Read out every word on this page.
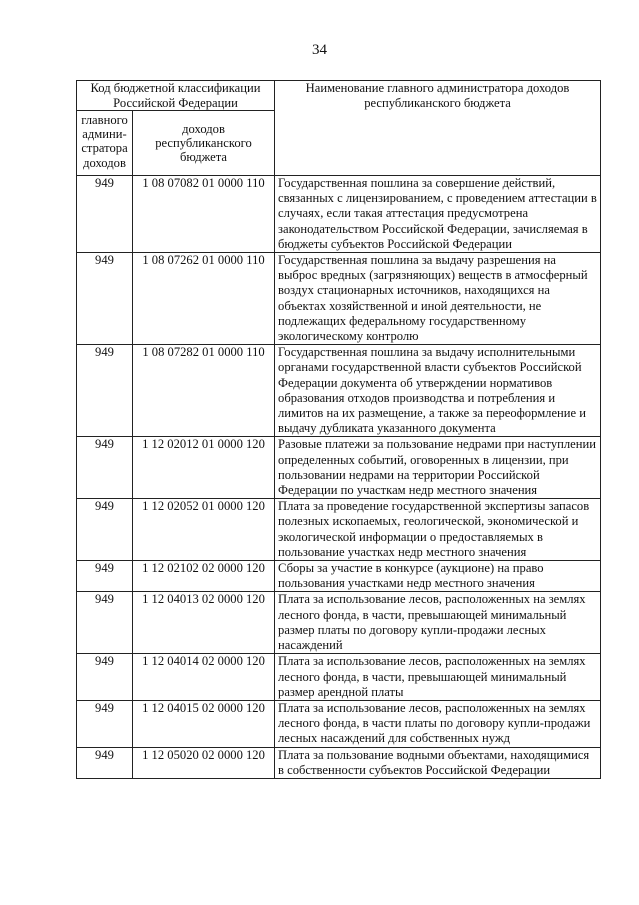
34
Код бюджетной классификации Российской Федерации		Наименование главного администратора доходов республиканского бюджета
главного админи-стратора доходов	доходов республиканского бюджета	
949	1 08 07082 01 0000 110	Государственная пошлина за совершение действий, связанных с лицензированием, с проведением аттестации в случаях, если такая аттестация предусмотрена законодательством Российской Федерации, зачисляемая в бюджеты субъектов Российской Федерации
949	1 08 07262 01 0000 110	Государственная пошлина за выдачу разрешения на выброс вредных (загрязняющих) веществ в атмосферный воздух стационарных источников, находящихся на объектах хозяйственной и иной деятельности, не подлежащих федеральному государственному экологическому контролю
949	1 08 07282 01 0000 110	Государственная пошлина за выдачу исполнительными органами государственной власти субъектов Российской Федерации документа об утверждении нормативов образования отходов производства и потребления и лимитов на их размещение, а также за переоформление и выдачу дубликата указанного документа
949	1 12 02012 01 0000 120	Разовые платежи за пользование недрами при наступлении определенных событий, оговоренных в лицензии, при пользовании недрами на территории Российской Федерации по участкам недр местного значения
949	1 12 02052 01 0000 120	Плата за проведение государственной экспертизы запасов полезных ископаемых, геологической, экономической и экологической информации о предоставляемых в пользование участках недр местного значения
949	1 12 02102 02 0000 120	Сборы за участие в конкурсе (аукционе) на право пользования участками недр местного значения
949	1 12 04013 02 0000 120	Плата за использование лесов, расположенных на землях лесного фонда, в части, превышающей минимальный размер платы по договору купли-продажи лесных насаждений
949	1 12 04014 02 0000 120	Плата за использование лесов, расположенных на землях лесного фонда, в части, превышающей минимальный размер арендной платы
949	1 12 04015 02 0000 120	Плата за использование лесов, расположенных на землях лесного фонда, в части платы по договору купли-продажи лесных насаждений для собственных нужд
949	1 12 05020 02 0000 120	Плата за пользование водными объектами, находящимися в собственности субъектов Российской Федерации
